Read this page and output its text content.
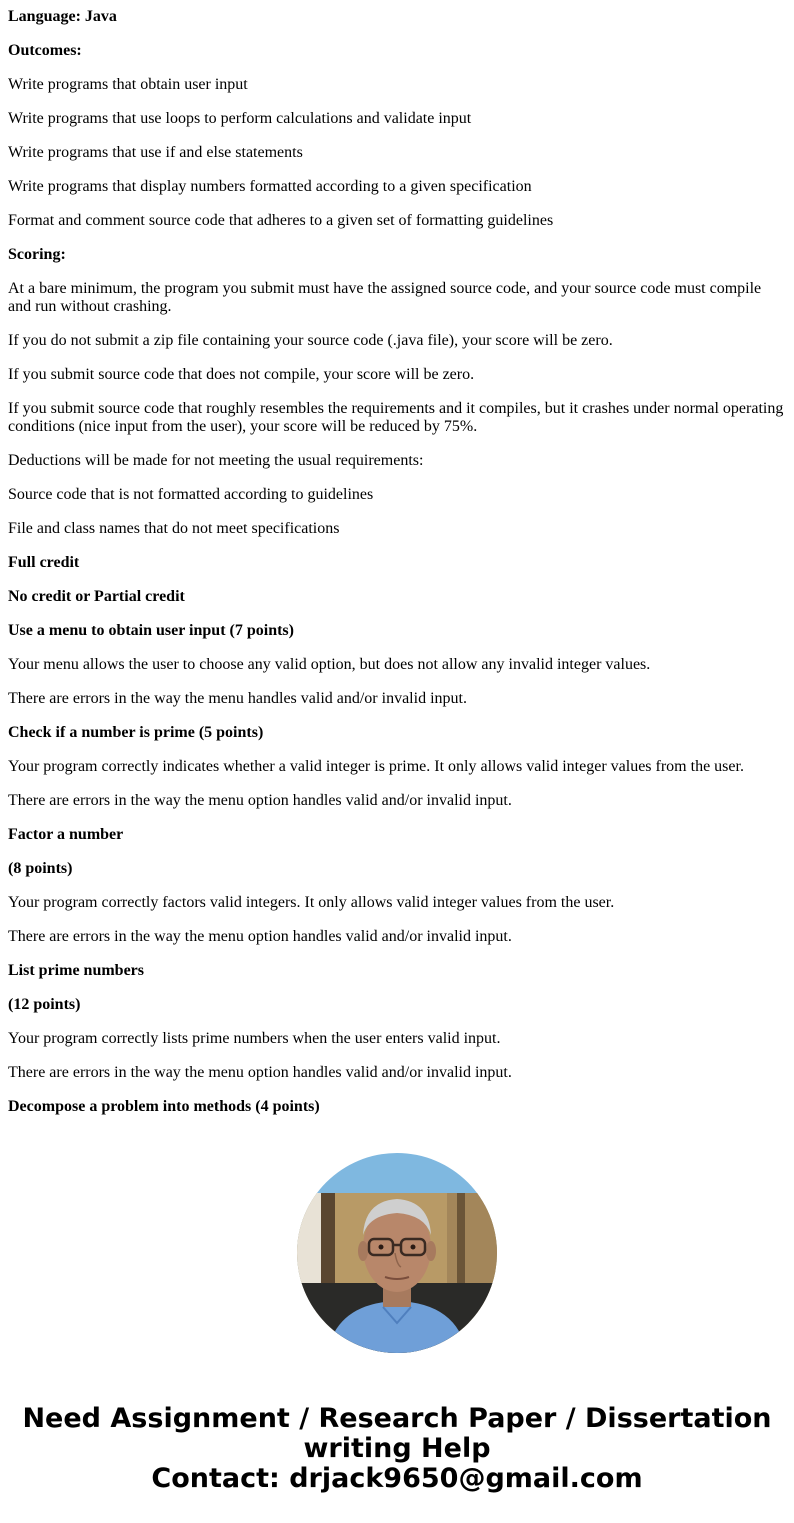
Language: Java

Outcomes:

Write programs that obtain user input

Write programs that use loops to perform calculations and validate input

Write programs that use if and else statements

Write programs that display numbers formatted according to a given specification

Format and comment source code that adheres to a given set of formatting guidelines

Scoring:

At a bare minimum, the program you submit must have the assigned source code, and your source code must compile and run without crashing.

If you do not submit a zip file containing your source code (.java file), your score will be zero.

If you submit source code that does not compile, your score will be zero.

If you submit source code that roughly resembles the requirements and it compiles, but it crashes under normal operating conditions (nice input from the user), your score will be reduced by 75%.

Deductions will be made for not meeting the usual requirements:

Source code that is not formatted according to guidelines

File and class names that do not meet specifications

Full credit

No credit or Partial credit

Use a menu to obtain user input (7 points)

Your menu allows the user to choose any valid option, but does not allow any invalid integer values.

There are errors in the way the menu handles valid and/or invalid input.

Check if a number is prime (5 points)

Your program correctly indicates whether a valid integer is prime. It only allows valid integer values from the user.

There are errors in the way the menu option handles valid and/or invalid input.

Factor a number

(8 points)

Your program correctly factors valid integers. It only allows valid integer values from the user.

There are errors in the way the menu option handles valid and/or invalid input.

List prime numbers

(12 points)

Your program correctly lists prime numbers when the user enters valid input.

There are errors in the way the menu option handles valid and/or invalid input.

Decompose a problem into methods (4 points)

Need Assignment / Research Paper / Dissertation
writing Help
Contact: drjack9650@gmail.com
